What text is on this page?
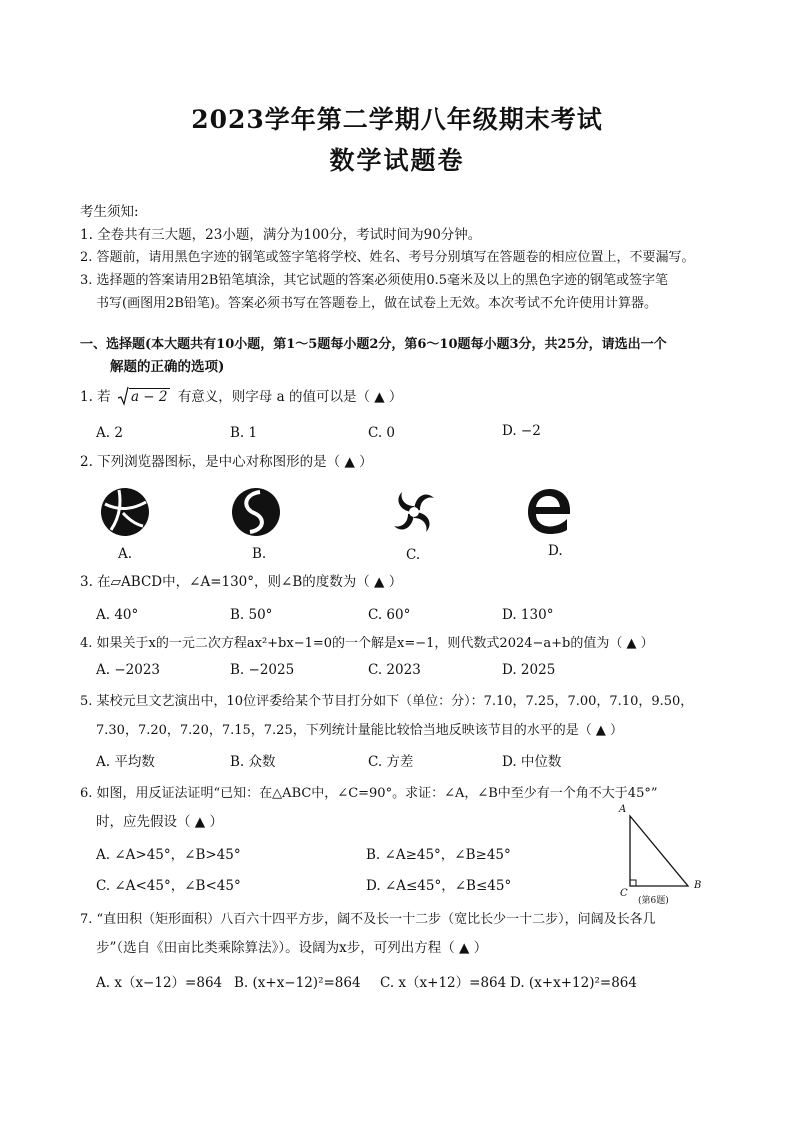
2023学年第二学期八年级期末考试
数学试题卷
考生须知:
1. 全卷共有三大题，23小题，满分为100分，考试时间为90分钟。
2. 答题前，请用黑色字迹的钢笔或签字笔将学校、姓名、考号分别填写在答题卷的相应位置上，不要漏写。
3. 选择题的答案请用2B铅笔填涂，其它试题的答案必须使用0.5毫米及以上的黑色字迹的钢笔或签字笔
书写(画图用2B铅笔)。答案必须书写在答题卷上，做在试卷上无效。本次考试不允许使用计算器。
一、选择题(本大题共有10小题，第1～5题每小题2分，第6～10题每小题3分，共25分，请选出一个
解题的正确的选项)
1. 若 a − 2 有意义，则字母 a 的值可以是（ ▲ ）
A. 2	B. 1	C. 0	D. −2
2. 下列浏览器图标，是中心对称图形的是（ ▲ ）
A.	B.	C.	D.
3. 在▱ABCD中，∠A=130°，则∠B的度数为（ ▲ ）
A. 40°	B. 50°	C. 60°	D. 130°
4. 如果关于x的一元二次方程ax²+bx−1=0的一个解是x=−1，则代数式2024−a+b的值为（ ▲ ）
A. −2023	B. −2025	C. 2023	D. 2025
5. 某校元旦文艺演出中，10位评委给某个节目打分如下（单位：分）：7.10，7.25，7.00，7.10，9.50，
7.30，7.20，7.20，7.15，7.25，下列统计量能比较恰当地反映该节目的水平的是（ ▲ ）
A. 平均数	B. 众数	C. 方差	D. 中位数
6. 如图，用反证法证明“已知：在△ABC中，∠C=90°。求证：∠A，∠B中至少有一个角不大于45°”
时，应先假设（ ▲ ）
A. ∠A>45°，∠B>45°	B. ∠A≥45°，∠B≥45°
C. ∠A<45°，∠B<45°	D. ∠A≤45°，∠B≤45°
A
B
C
(第6题)
7. “直田积（矩形面积）八百六十四平方步，阔不及长一十二步（宽比长少一十二步），问阔及长各几
步”（选自《田亩比类乘除算法》）。设阔为x步，可列出方程（ ▲ ）
A. x（x−12）=864 B. (x+x−12)²=864 C. x（x+12）=864 D. (x+x+12)²=864
